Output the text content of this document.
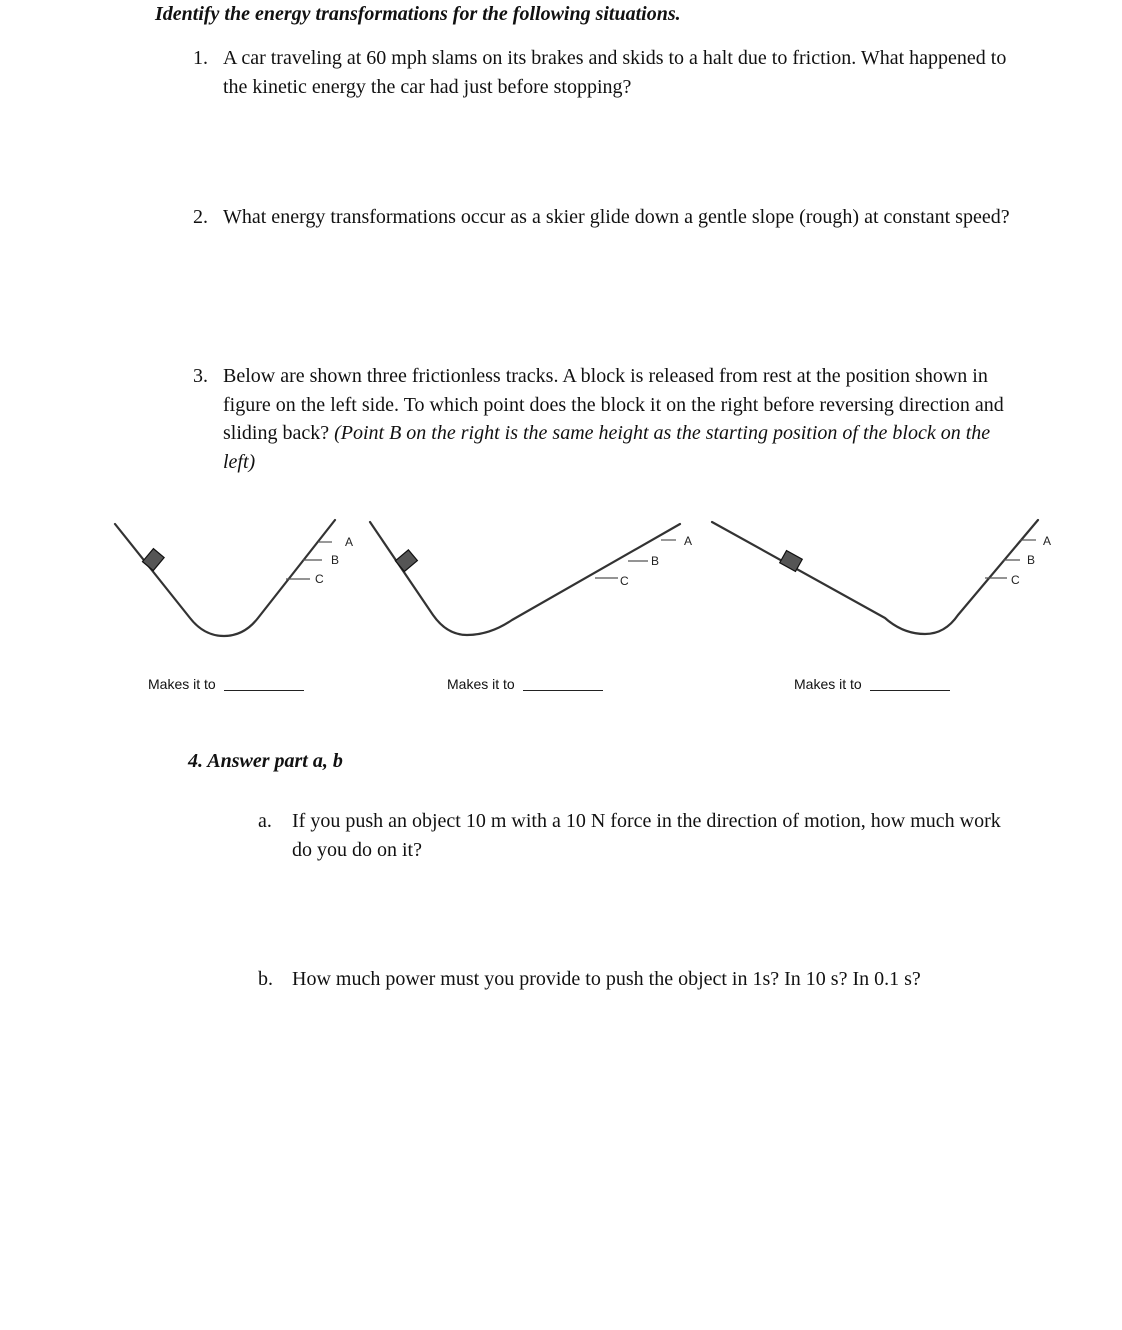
Identify the energy transformations for the following situations.
1. A car traveling at 60 mph slams on its brakes and skids to a halt due to friction. What happened to the kinetic energy the car had just before stopping?
2. What energy transformations occur as a skier glide down a gentle slope (rough) at constant speed?
3. Below are shown three frictionless tracks. A block is released from rest at the position shown in figure on the left side. To which point does the block it on the right before reversing direction and sliding back? (Point B on the right is the same height as the starting position of the block on the left)
A
B
C
A
B
C
A
B
C
Makes it to	Makes it to	Makes it to
4. Answer part a, b
a.	If you push an object 10 m with a 10 N force in the direction of motion, how much work do you do on it?
b. How much power must you provide to push the object in 1s? In 10 s? In 0.1 s?
